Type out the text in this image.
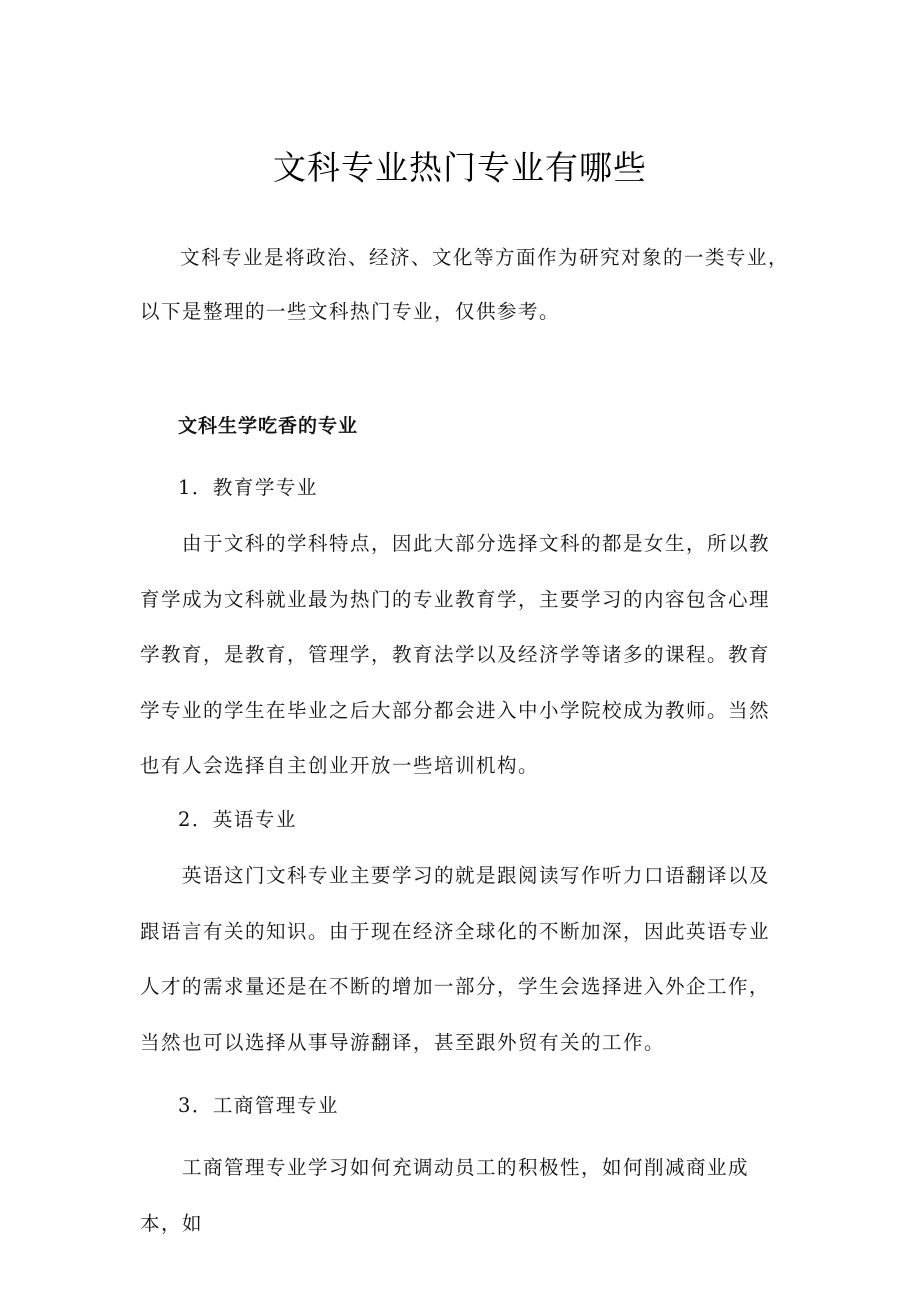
文科专业热门专业有哪些

文科专业是将政治、经济、文化等方面作为研究对象的一类专业，以下是整理的一些文科热门专业，仅供参考。

文科生学吃香的专业

1．教育学专业

由于文科的学科特点，因此大部分选择文科的都是女生，所以教育学成为文科就业最为热门的专业教育学，主要学习的内容包含心理学教育，是教育，管理学，教育法学以及经济学等诸多的课程。教育学专业的学生在毕业之后大部分都会进入中小学院校成为教师。当然也有人会选择自主创业开放一些培训机构。

2．英语专业

英语这门文科专业主要学习的就是跟阅读写作听力口语翻译以及跟语言有关的知识。由于现在经济全球化的不断加深，因此英语专业人才的需求量还是在不断的增加一部分，学生会选择进入外企工作，当然也可以选择从事导游翻译，甚至跟外贸有关的工作。

3．工商管理专业

工商管理专业学习如何充调动员工的积极性，如何削减商业成本，如
